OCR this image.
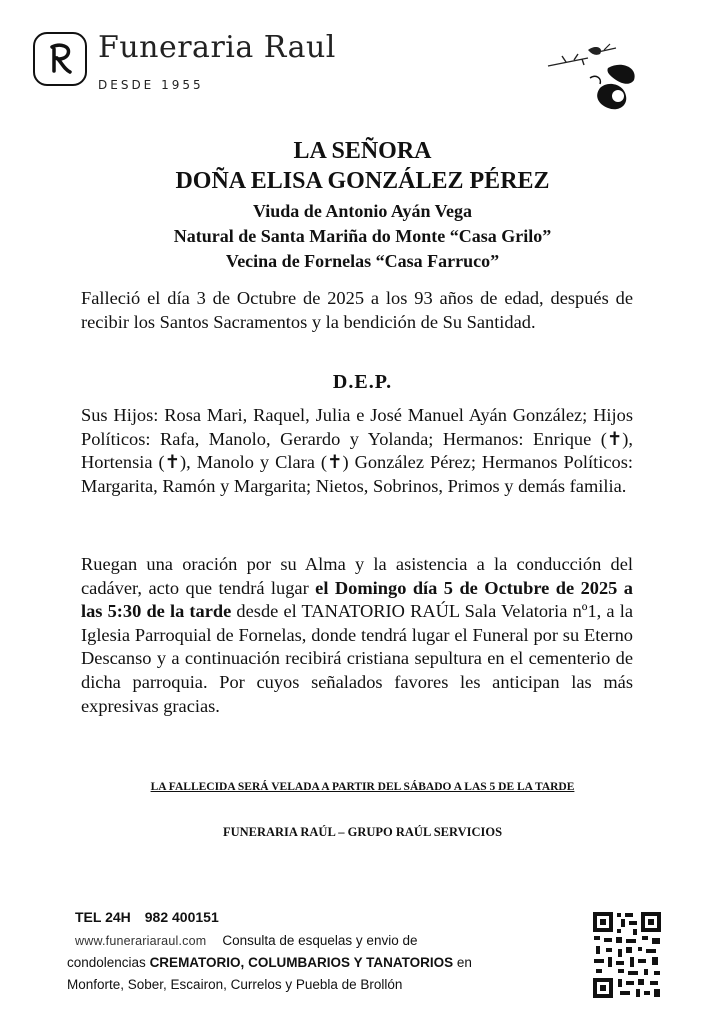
Funeraria Raul
DESDE 1955
LA SEÑORA
DOÑA ELISA GONZÁLEZ PÉREZ
Viuda de Antonio Ayán Vega
Natural de Santa Mariña do Monte “Casa Grilo”
Vecina de Fornelas “Casa Farruco”
Falleció el día 3 de Octubre de 2025 a los 93 años de edad, después de recibir los Santos Sacramentos y la bendición de Su Santidad.
D.E.P.
Sus Hijos: Rosa Mari, Raquel, Julia e José Manuel Ayán González; Hijos Políticos: Rafa, Manolo, Gerardo y Yolanda; Hermanos: Enrique (✝), Hortensia (✝), Manolo y Clara (✝) González Pérez; Hermanos Políticos: Margarita, Ramón y Margarita; Nietos, Sobrinos, Primos y demás familia.
Ruegan una oración por su Alma y la asistencia a la conducción del cadáver, acto que tendrá lugar el Domingo día 5 de Octubre de 2025 a las 5:30 de la tarde desde el TANATORIO RAÚL Sala Velatoria nº1, a la Iglesia Parroquial de Fornelas, donde tendrá lugar el Funeral por su Eterno Descanso y a continuación recibirá cristiana sepultura en el cementerio de dicha parroquia. Por cuyos señalados favores les anticipan las más expresivas gracias.
LA FALLECIDA SERÁ VELADA A PARTIR DEL SÁBADO A LAS 5 DE LA TARDE
FUNERARIA RAÚL – GRUPO RAÚL SERVICIOS
TEL 24H 982 400151
www.funerariaraul.com Consulta de esquelas y envio de
condolencias CREMATORIO, COLUMBARIOS Y TANATORIOS en
Monforte, Sober, Escairon, Currelos y Puebla de Brollón
